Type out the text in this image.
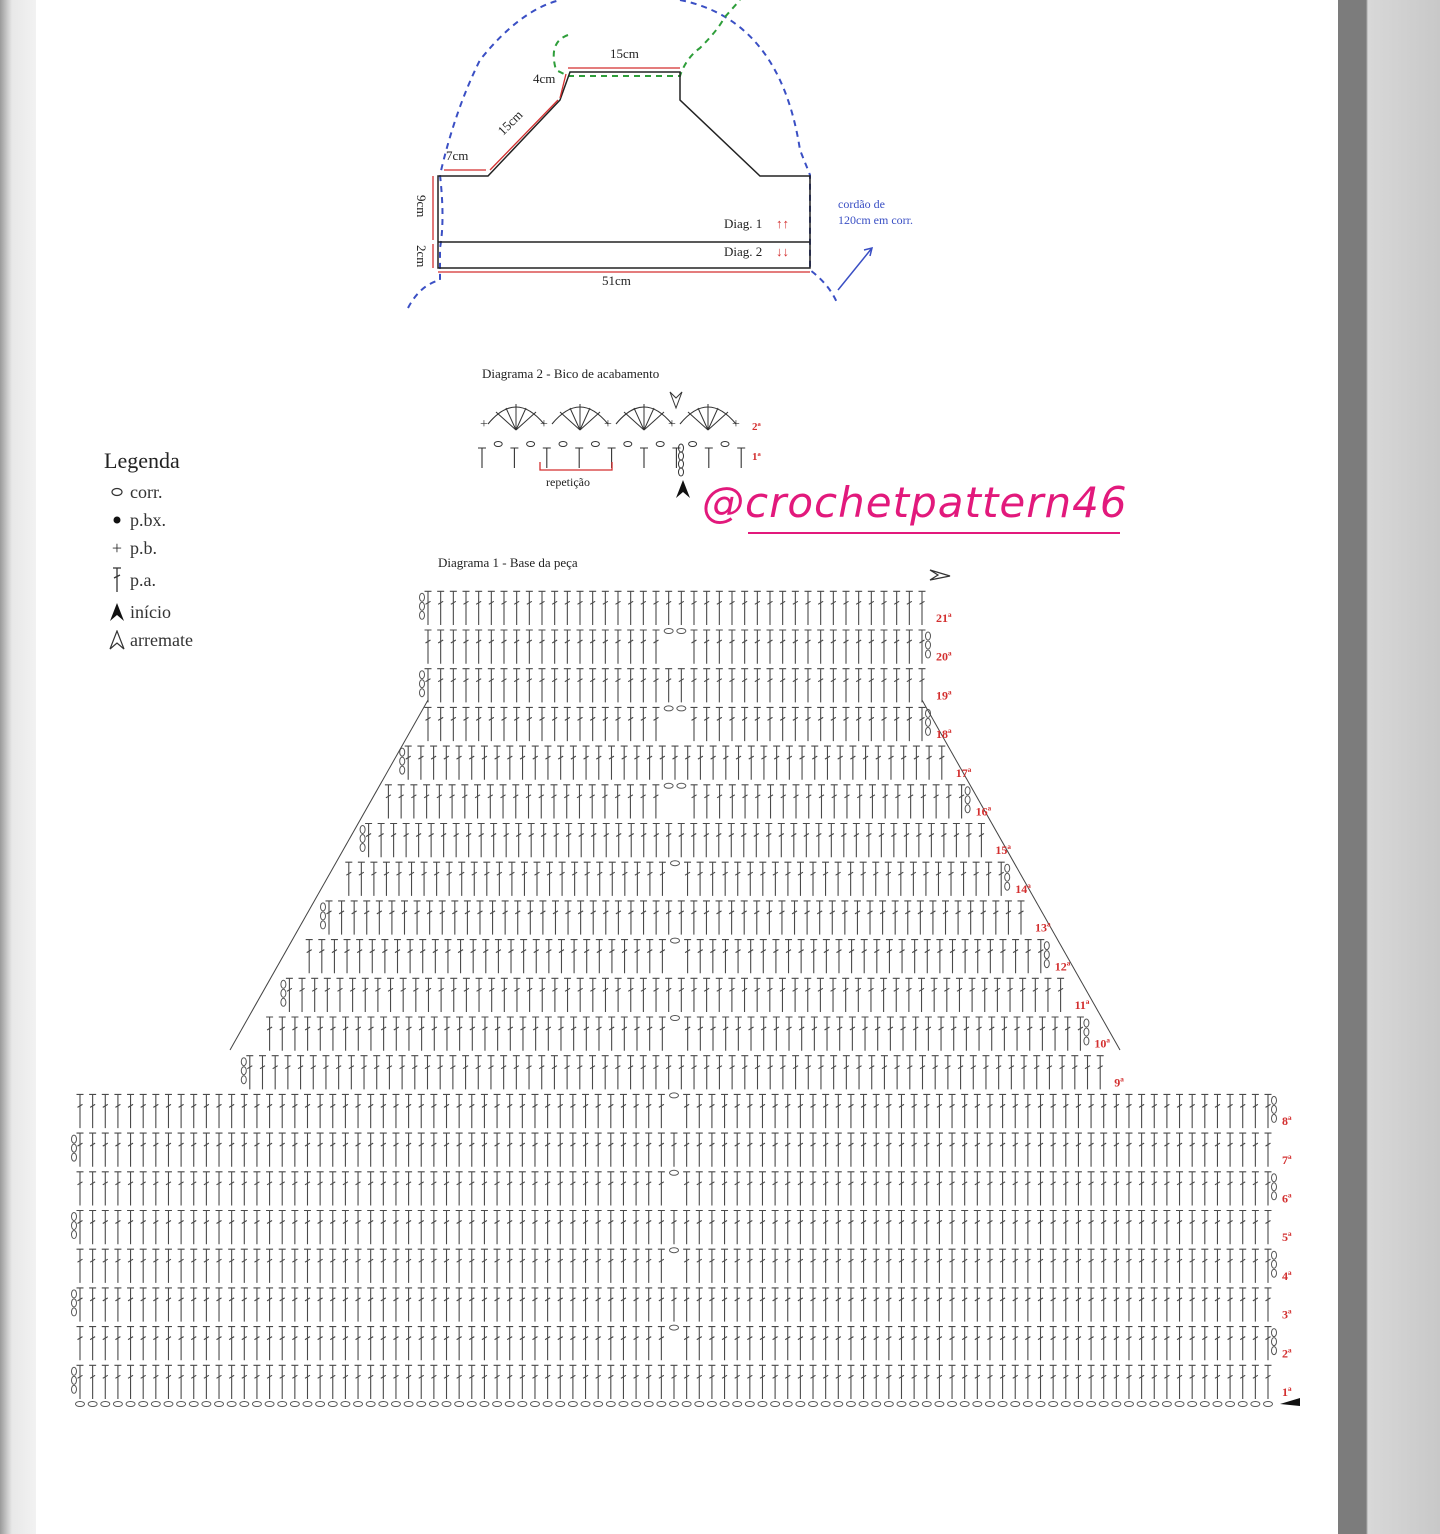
15cm
4cm
15cm
7cm
9cm
2cm
51cm
Diag. 1 ↑↑
Diag. 2 ↓↓
cordão de
120cm em corr.
Diagrama 2 - Bico de acabamento
+	+	+	+
+	2ª
1ª
repetição
Diagrama 1 - Base da peça
1ª
2ª
3ª
4ª
5ª
6ª
7ª
8ª
9ª
10ª
11ª
12ª
13ª
14ª
15ª
16ª
17ª
18ª
19ª
20ª
21ª
Legenda
corr.
p.bx.
+ p.b.
p.a.
início
arremate
@crochetpattern46
